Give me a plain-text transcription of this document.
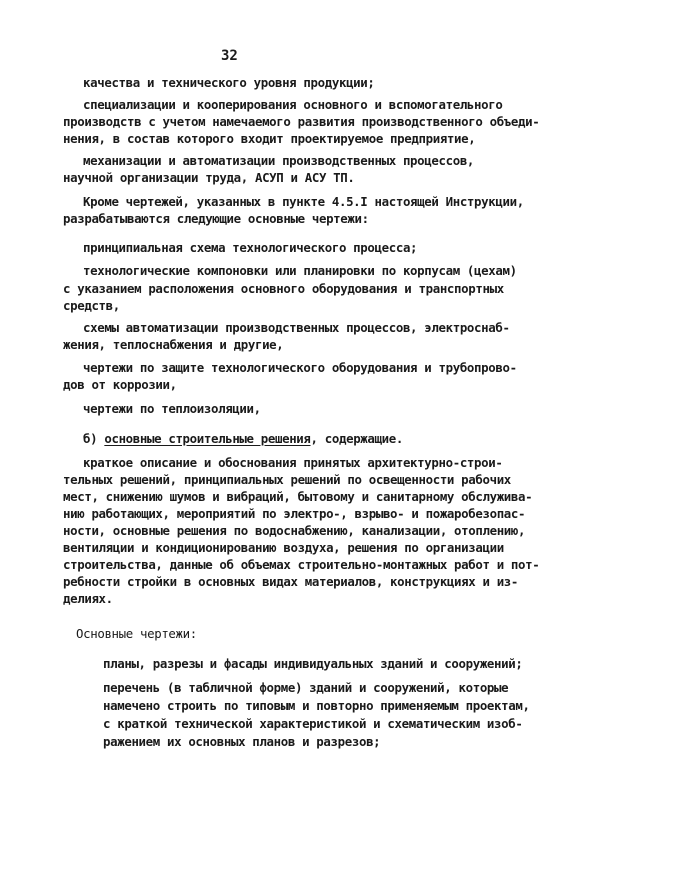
32
качества и технического уровня продукции;
специализации и кооперирования основного и вспомогательного
производств с учетом намечаемого развития производственного объеди-
нения, в состав которого входит проектируемое предприятие,
механизации и автоматизации производственных процессов,
научной организации труда, АСУП и АСУ ТП.
Кроме чертежей, указанных в пункте 4.5.I настоящей Инструкции,
разрабатываются следующие основные чертежи:
принципиальная схема технологического процесса;
технологические компоновки или планировки по корпусам (цехам)
с указанием расположения основного оборудования и транспортных
средств,
схемы автоматизации производственных процессов, электроснаб-
жения, теплоснабжения и другие,
чертежи по защите технологического оборудования и трубопрово-
дов от коррозии,
чертежи по теплоизоляции,
б) основные строительные решения, содержащие.
краткое описание и обоснования принятых архитектурно-строи-
тельных решений, принципиальных решений по освещенности рабочих
мест, снижению шумов и вибраций, бытовому и санитарному обслужива-
нию работающих, мероприятий по электро-, взрыво- и пожаробезопас-
ности, основные решения по водоснабжению, канализации, отоплению,
вентиляции и кондиционированию воздуха, решения по организации
строительства, данные об объемах строительно-монтажных работ и пот-
ребности стройки в основных видах материалов, конструкциях и из-
делиях.
Основные чертежи:
планы, разрезы и фасады индивидуальных зданий и сооружений;
перечень (в табличной форме) зданий и сооружений, которые
намечено строить по типовым и повторно применяемым проектам,
с краткой технической характеристикой и схематическим изоб-
ражением их основных планов и разрезов;
